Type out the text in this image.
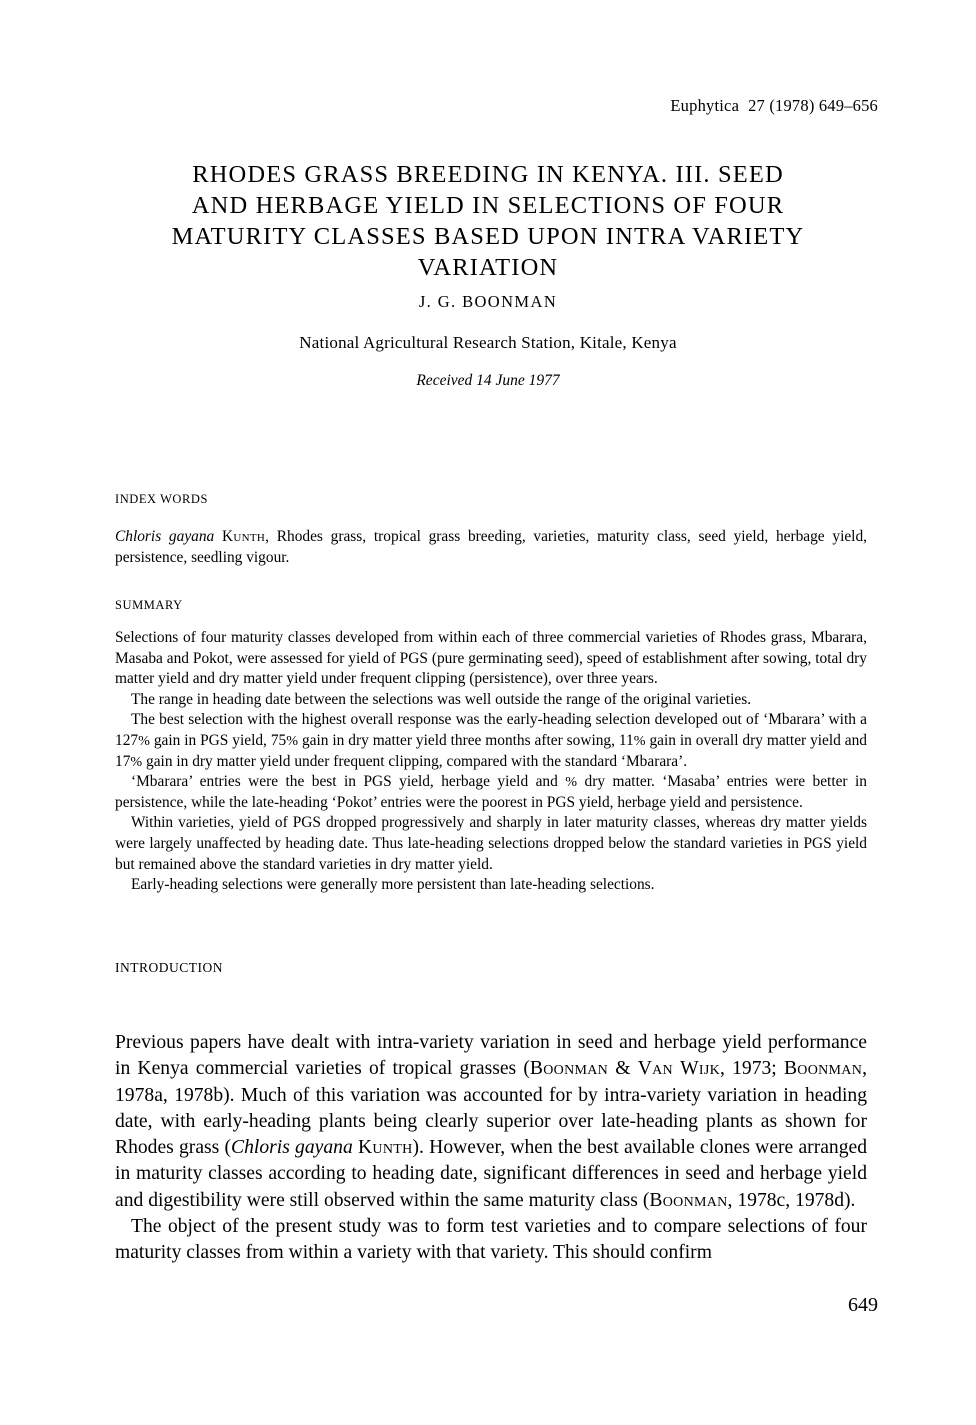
Euphytica 27 (1978) 649–656
RHODES GRASS BREEDING IN KENYA. III. SEED
AND HERBAGE YIELD IN SELECTIONS OF FOUR
MATURITY CLASSES BASED UPON INTRA VARIETY
VARIATION
J. G. BOONMAN
National Agricultural Research Station, Kitale, Kenya
Received 14 June 1977
INDEX WORDS
Chloris gayana Kunth, Rhodes grass, tropical grass breeding, varieties, maturity class, seed yield, herbage yield, persistence, seedling vigour.
SUMMARY

Selections of four maturity classes developed from within each of three commercial varieties of Rhodes grass, Mbarara, Masaba and Pokot, were assessed for yield of PGS (pure germinating seed), speed of establishment after sowing, total dry matter yield and dry matter yield under frequent clipping (persistence), over three years.

The range in heading date between the selections was well outside the range of the original varieties.

The best selection with the highest overall response was the early-heading selection developed out of ‘Mbarara’ with a 127% gain in PGS yield, 75% gain in dry matter yield three months after sowing, 11% gain in overall dry matter yield and 17% gain in dry matter yield under frequent clipping, compared with the standard ‘Mbarara’.

‘Mbarara’ entries were the best in PGS yield, herbage yield and % dry matter. ‘Masaba’ entries were better in persistence, while the late-heading ‘Pokot’ entries were the poorest in PGS yield, herbage yield and persistence.

Within varieties, yield of PGS dropped progressively and sharply in later maturity classes, whereas dry matter yields were largely unaffected by heading date. Thus late-heading selections dropped below the standard varieties in PGS yield but remained above the standard varieties in dry matter yield.

Early-heading selections were generally more persistent than late-heading selections.

INTRODUCTION

Previous papers have dealt with intra-variety variation in seed and herbage yield performance in Kenya commercial varieties of tropical grasses (Boonman & Van Wijk, 1973; Boonman, 1978a, 1978b). Much of this variation was accounted for by intra-variety variation in heading date, with early-heading plants being clearly superior over late-heading plants as shown for Rhodes grass (Chloris gayana Kunth). However, when the best available clones were arranged in maturity classes according to heading date, significant differences in seed and herbage yield and digestibility were still observed within the same maturity class (Boonman, 1978c, 1978d).

The object of the present study was to form test varieties and to compare selections of four maturity classes from within a variety with that variety. This should confirm

649
